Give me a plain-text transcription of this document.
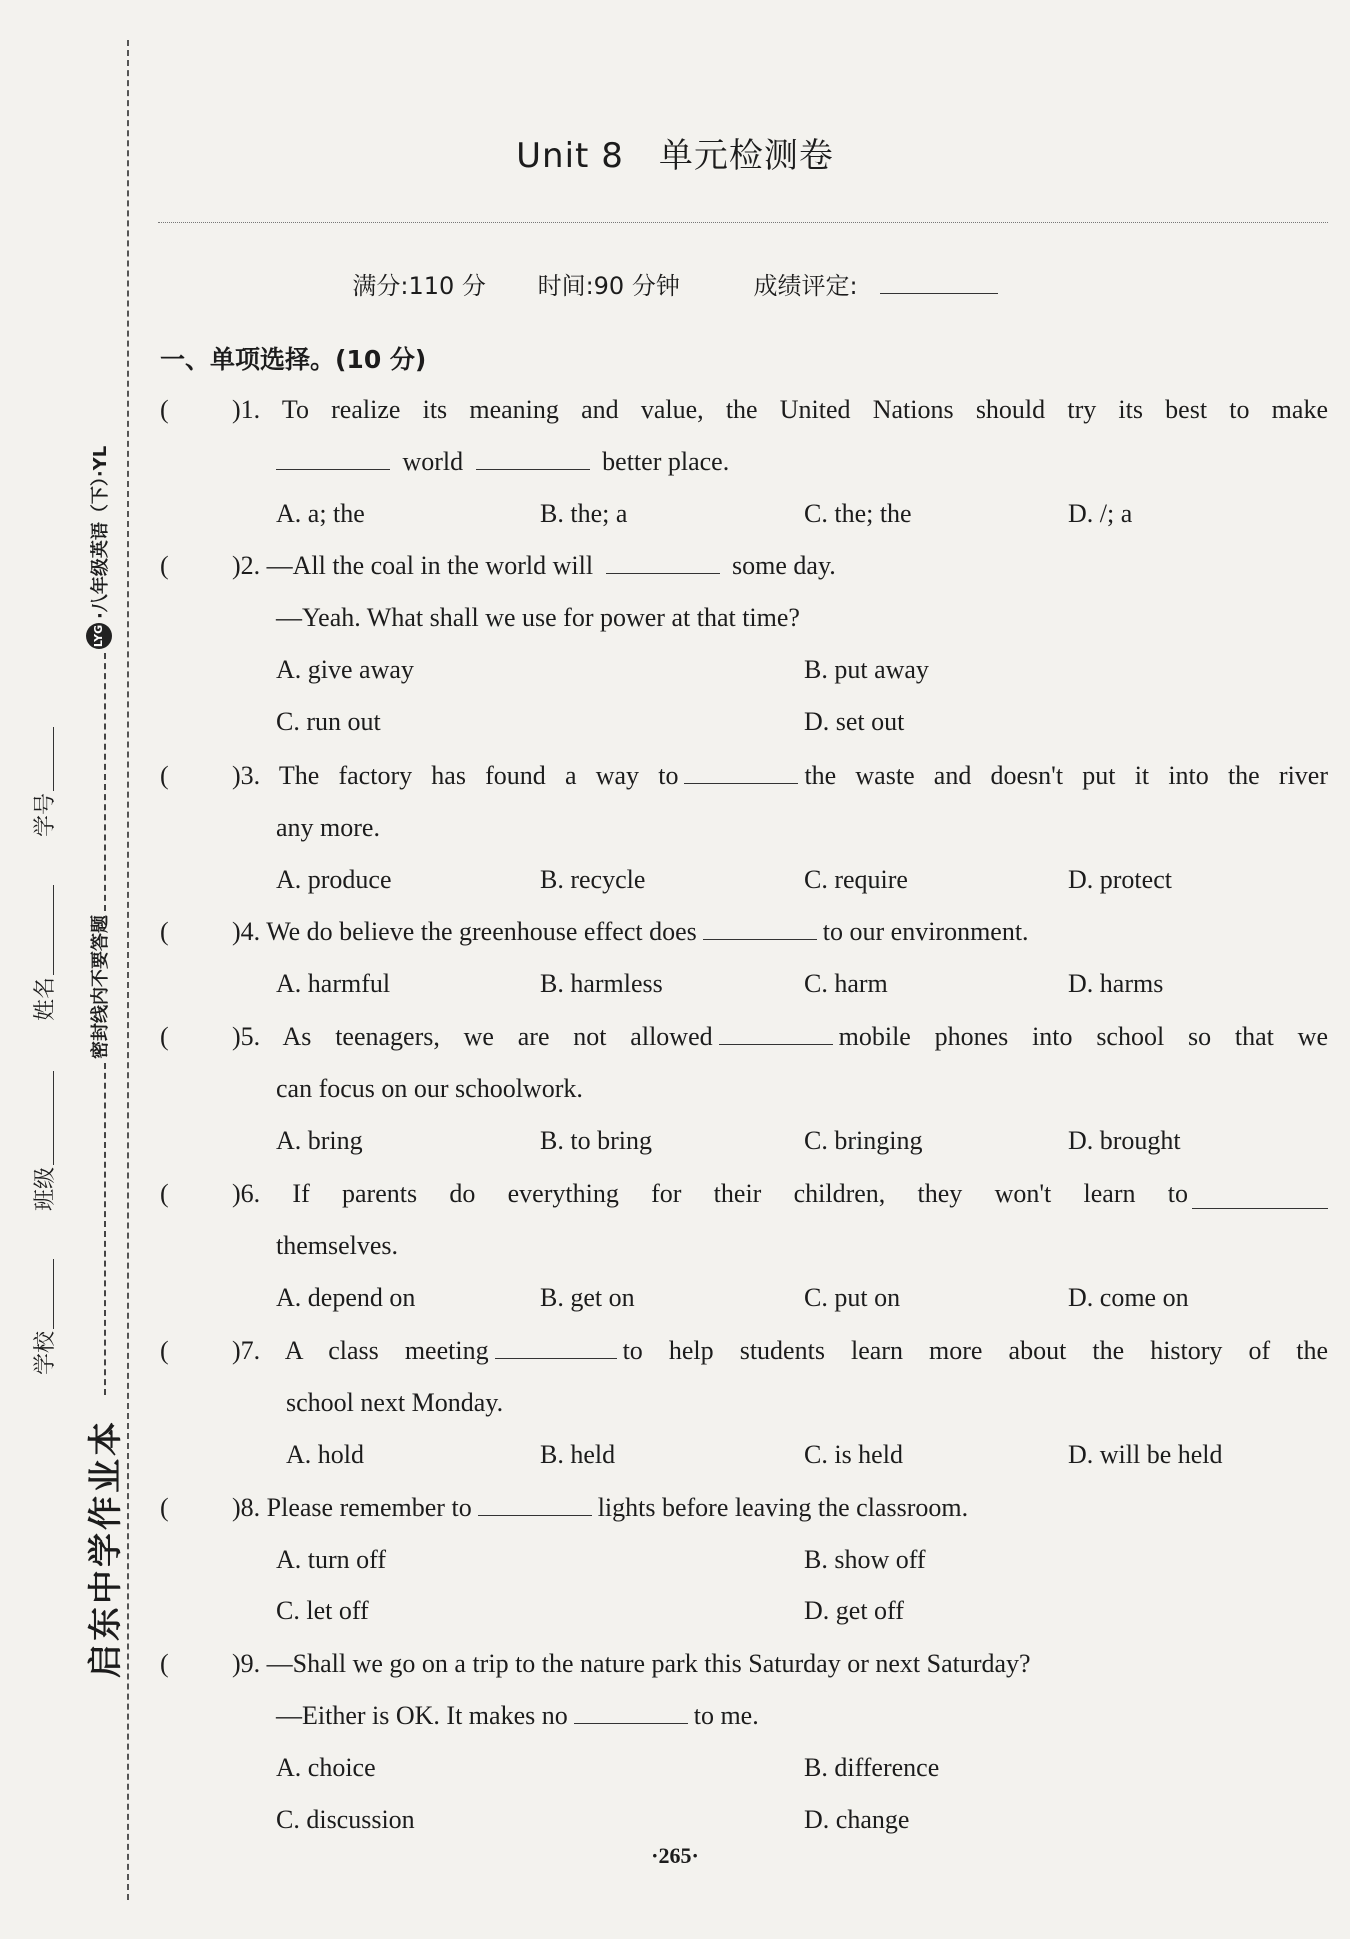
学校
班级
姓名
学号
密封线内不要答题
LYG
·八年级英语（下）·YL
启东中学作业本
Unit 8　单元检测卷
满分:110 分 时间:90 分钟	成绩评定:
一、单项选择。(10 分)
( )1. To realize its meaning and value, the United Nations should try its best to make
world	better place.
A. a; the	B. the; a	C. the; the	D. /; a
( )2. —All the coal in the world will	some day.
—Yeah. What shall we use for power at that time?
A. give away	B. put away
C. run out	D. set out
( )3. The factory has found a way to	the waste and doesn't put it into the river
any more.
A. produce	B. recycle	C. require	D. protect
( )4. We do believe the greenhouse effect does	to our environment.
A. harmful	B. harmless	C. harm	D. harms
( )5. As teenagers, we are not allowed	mobile phones into school so that we
can focus on our schoolwork.
A. bring	B. to bring	C. bringing	D. brought
( )6. If parents do everything for their children, they won't learn to
themselves.
A. depend on	B. get on	C. put on	D. come on
( )7. A class meeting	to help students learn more about the history of the
school next Monday.
A. hold	B. held	C. is held	D. will be held
( )8. Please remember to	lights before leaving the classroom.
A. turn off	B. show off
C. let off	D. get off
( )9. —Shall we go on a trip to the nature park this Saturday or next Saturday?
—Either is OK. It makes no	to me.
A. choice	B. difference
C. discussion	D. change
·265·
